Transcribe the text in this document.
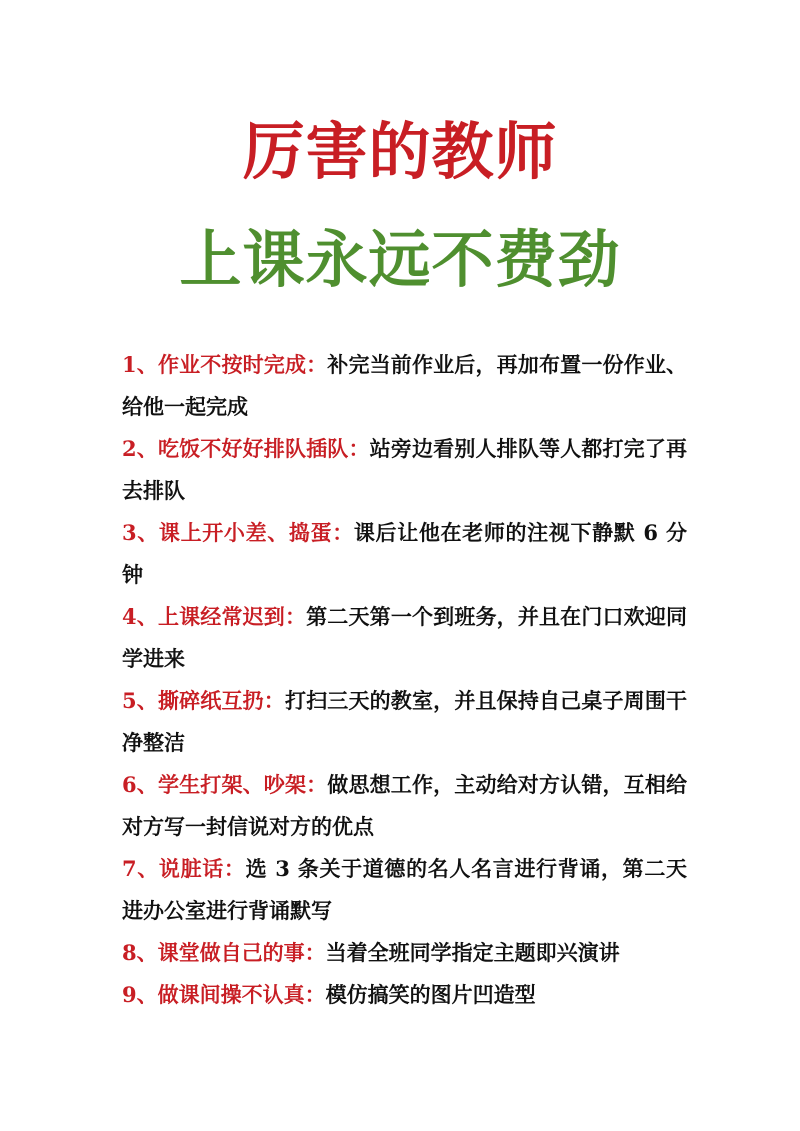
厉害的教师
上课永远不费劲

1、作业不按时完成：补完当前作业后，再加布置一份作业、给他一起完成

2、吃饭不好好排队插队：站旁边看别人排队等人都打完了再去排队

3、课上开小差、捣蛋：课后让他在老师的注视下静默 6 分钟

4、上课经常迟到：第二天第一个到班务，并且在门口欢迎同学进来

5、撕碎纸互扔：打扫三天的教室，并且保持自己桌子周围干净整洁

6、学生打架、吵架：做思想工作，主动给对方认错，互相给对方写一封信说对方的优点

7、说脏话：选 3 条关于道德的名人名言进行背诵，第二天进办公室进行背诵默写

8、课堂做自己的事：当着全班同学指定主题即兴演讲

9、做课间操不认真：模仿搞笑的图片凹造型
